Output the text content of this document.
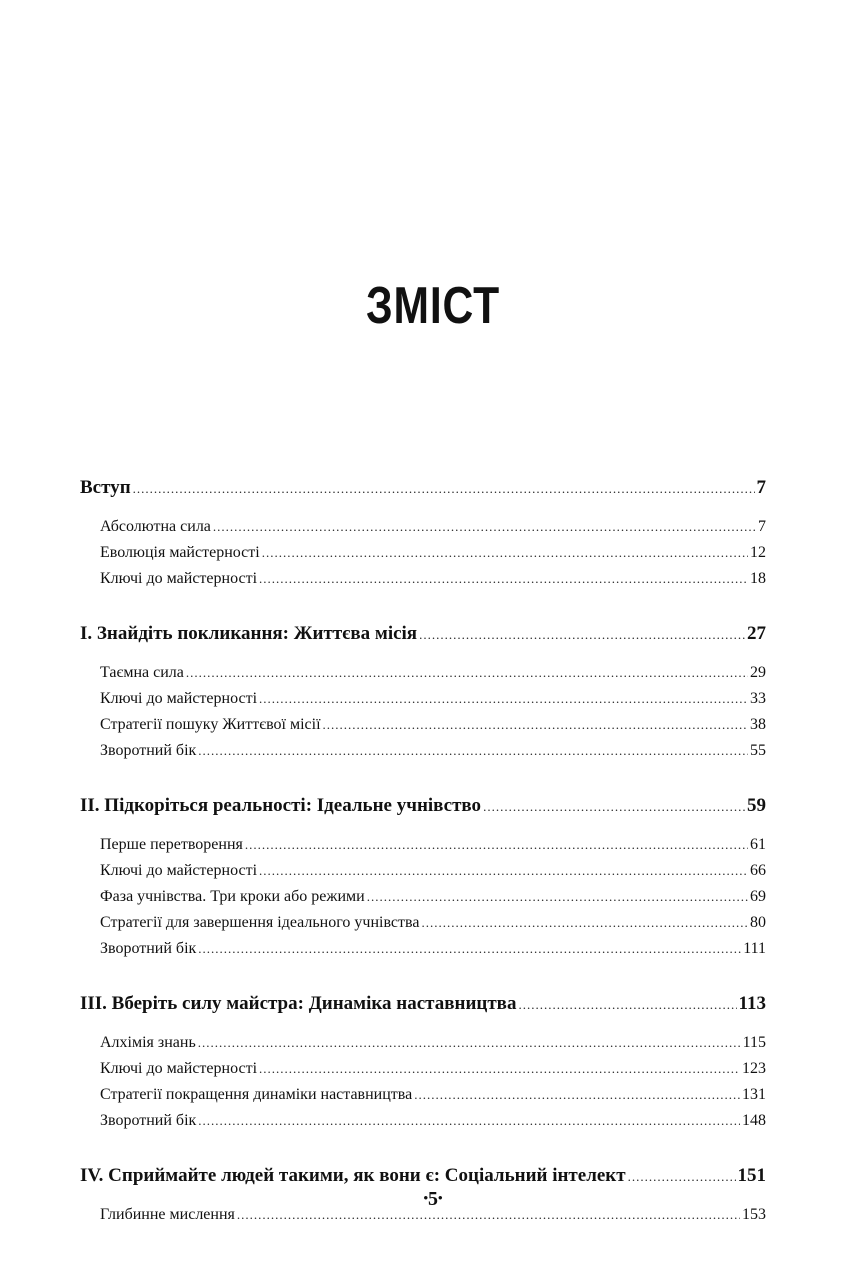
ЗМІСТ
Вступ .....	7
Абсолютна сила .....	7
Еволюція майстерності .....	12
Ключі до майстерності .....	18
I. Знайдіть покликання: Життєва місія .....	27
Таємна сила .....	29
Ключі до майстерності .....	33
Стратегії пошуку Життєвої місії .....	38
Зворотний бік .....	55
II. Підкоріться реальності: Ідеальне учнівство .....	59
Перше перетворення .....	61
Ключі до майстерності .....	66
Фаза учнівства. Три кроки або режими .....	69
Стратегії для завершення ідеального учнівства .....	80
Зворотний бік .....	111
III. Вберіть силу майстра: Динаміка наставництва .....	113
Алхімія знань .....	115
Ключі до майстерності .....	123
Стратегії покращення динаміки наставництва .....	131
Зворотний бік .....	148
IV. Сприймайте людей такими, як вони є: Соціальний інтелект .....	151
Глибинне мислення .....	153
•5•
